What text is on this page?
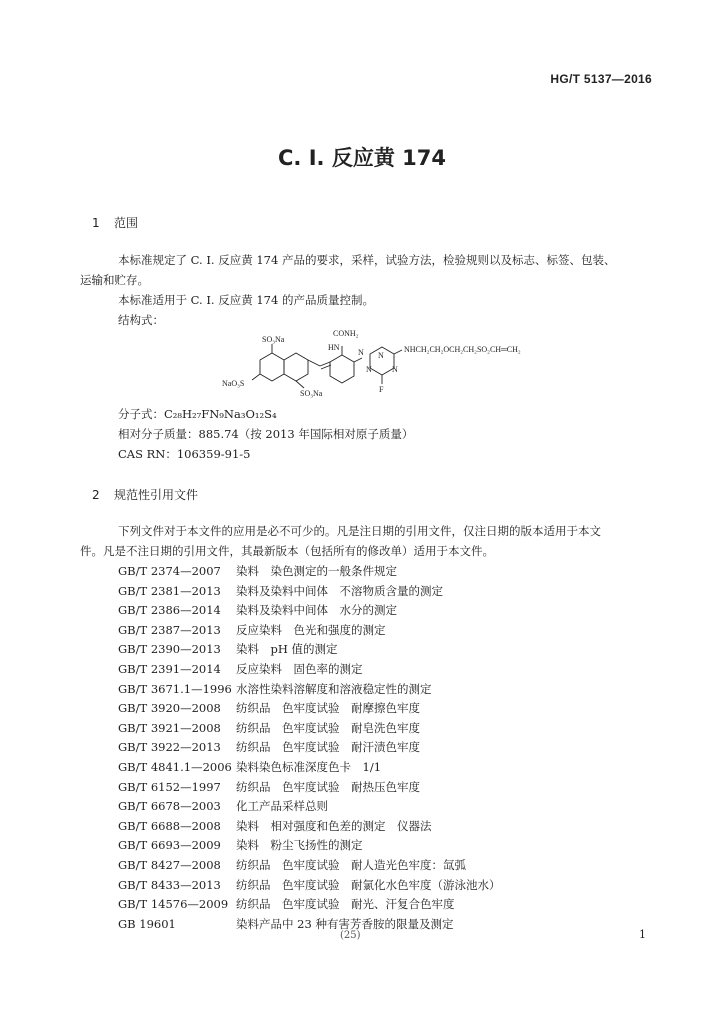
HG/T 5137—2016
C. I. 反应黄 174
1 范围
本标准规定了 C. I. 反应黄 174 产品的要求，采样，试验方法，检验规则以及标志、标签、包装、
运输和贮存。
本标准适用于 C. I. 反应黄 174 的产品质量控制。
结构式：
CONH₂
HN
SO₃Na
N N
N	N
NHCH₂CH₂OCH₂CH₂SO₂CH═CH₂
F
NaO₃S
SO₃Na
分子式：C₂₈H₂₇FN₉Na₃O₁₂S₄
相对分子质量：885.74（按 2013 年国际相对原子质量）
CAS RN：106359-91-5
2 规范性引用文件
下列文件对于本文件的应用是必不可少的。凡是注日期的引用文件，仅注日期的版本适用于本文
件。凡是不注日期的引用文件，其最新版本（包括所有的修改单）适用于本文件。
GB/T 2374—2007 染料　染色测定的一般条件规定
GB/T 2381—2013 染料及染料中间体　不溶物质含量的测定
GB/T 2386—2014 染料及染料中间体　水分的测定
GB/T 2387—2013 反应染料　色光和强度的测定
GB/T 2390—2013 染料　pH 值的测定
GB/T 2391—2014 反应染料　固色率的测定
GB/T 3671.1—1996 水溶性染料溶解度和溶液稳定性的测定
GB/T 3920—2008 纺织品　色牢度试验　耐摩擦色牢度
GB/T 3921—2008 纺织品　色牢度试验　耐皂洗色牢度
GB/T 3922—2013 纺织品　色牢度试验　耐汗渍色牢度
GB/T 4841.1—2006 染料染色标准深度色卡　1/1
GB/T 6152—1997 纺织品　色牢度试验　耐热压色牢度
GB/T 6678—2003 化工产品采样总则
GB/T 6688—2008 染料　相对强度和色差的测定　仪器法
GB/T 6693—2009 染料　粉尘飞扬性的测定
GB/T 8427—2008 纺织品　色牢度试验　耐人造光色牢度：氙弧
GB/T 8433—2013 纺织品　色牢度试验　耐氯化水色牢度（游泳池水）
GB/T 14576—2009 纺织品　色牢度试验　耐光、汗复合色牢度
GB 19601	染料产品中 23 种有害芳香胺的限量及测定
(25)	1
